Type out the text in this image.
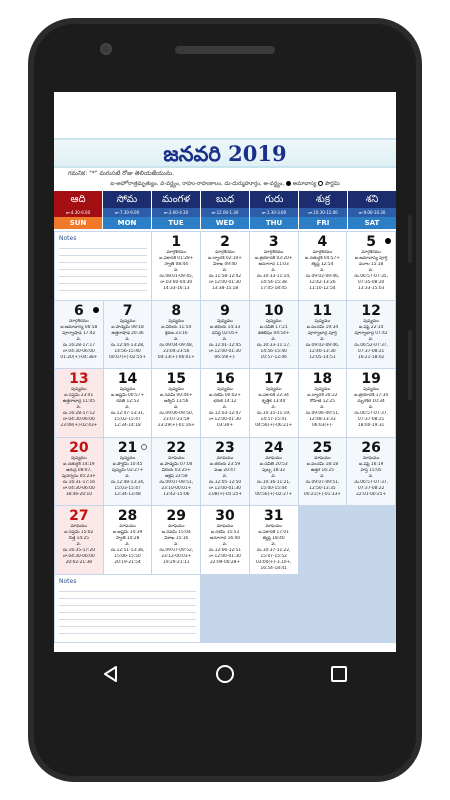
జనవరి 2019
గమనిక: "*" మరుసటి రోజు తెలియజేయును.
ఐ-అహోరాత్రమృత్యుం, వ-వర్జ్యం, రాహు-రాహుకాలం, దు-దుర్ముహూర్తం, అ-వర్జ్యం, అమావాస్య పౌర్ణమి
ఆది
రా.4.30-6.00
SUN
సోమ
రా.7.30-9.00
MON
మంగళ
రా.3.00-4.30
TUE
బుధ
రా.12.00-1.30
WED
గురు
రా.1.30-3.00
THU
శుక్ర
రా.10.30-12.00
FRI
శని
రా.9.00-10.30
SAT
Notes	1
మార్గశిరము
ఐ.ఏకాదశి 01:28+
స్వాతి 08:44
వ.
దు.08:01-09:45,
రా.03:00-04:30
14:33-16:13
2
మార్గశిరము
ఐ.ద్వాదశి 02:10+
విశాఖ 09:40
వ.
దు.11:58-12:42
రా.12:00-01:30
13:38-15:18
3
మార్గశిరము
ఐ.త్రయోదశి 03:20+
అనూరాధ 11:03
వ.
దు.10:33-11:14,
14:54-15:38
17:05-18:45
4
మార్గశిరము
ఐ.చతుర్దశి 04:57+
జ్యేష్ఠ 12:54
వ.
దు.09:02-09:46,
12:42-13:26
11:10-12:54
5
మార్గశిరము
ఐ.అమావాస్య పూర్తి
మూల 15:18
వ.
దు.06:57-07:35,
07:35-08:20
13:33-15:03
6
మార్గశిరము
ఐ.అమావాస్య 06:58
పూర్వాషాఢ 17:42
వ.
దు.16:28-17:17
రా.04:30-06:00
01:20(+)-04:38+
7
పుష్యము
ఐ.పాడ్యమి 09:18
ఉత్తరాషాఢ 20:36
వ.
దు.12:44-13:28,
14:56-15:40
00:07(+)-02:55+
8
పుష్యము
ఐ.విదియ 11:54
శ్రవణ 23:16
వ.
దు.09:04-09:48,
23:04-23:56
04:13(+)-06:01+
9
పుష్యము
ఐ.తదియ 14:33
ధనిష్ఠ 02:05+
వ.
దు.12:01-12:45
రా.12:00-01:30
06:59(+)-
10
పుష్యము
ఐ.చవితి 17:21
శతభిషం 04:54+
వ.
దు.10:33-11:17,
14:56-15:40
10:57-12:46
11
పుష్యము
ఐ.పంచమి 19:34
పూర్వాభాద్ర పూర్తి
వ.
దు.09:02-09:46,
12:40-13:30
12:05-14:51
12
పుష్యము
ఐ.షష్ఠి 22:14
పూర్వాభాద్ర 07:42
వ.
దు.06:52-07:37,
07:37-08:21
16:21-18:02
13
పుష్యము
ఐ.సప్తమి 23:41
ఉత్తరాభాద్ర 11:05
వ.
దు.16:28-17:12
రా.04:30-06:00
23:09(+)-02:43+
14
పుష్యము
ఐ.అష్టమి 00:57+
రేవతి 12:53
వ.
దు.12:47-13:31,
15:02-15:47
12:34-14:18
15
పుష్యము
ఐ.నవమి 00:44+
అశ్విని 13:56
వ.
దు.09:06-09:50,
23:07-23:59
23:29(+)-01:16+
16
పుష్యము
ఐ.దశమి 00:02+
భరణి 14:12
వ.
దు.12:03-12:47
రా.12:00-01:30
03:30+
17
పుష్యము
ఐ.ఏకాదశి 22:34
కృత్తిక 13:40
వ.
దు.10:35-11:19,
14:57-15:41
04:56(+)-06:21+
18
పుష్యము
ఐ.ద్వాదశి 20:22
రోహిణి 12:25
వ.
దు.09:06-09:51,
12:48-13:33
06:03(+)-
19
పుష్యము
ఐ.త్రయోదశి 17:34
మృగశిర 10:34
వ.
దు.06:57-07:37,
07:37-08:21
18:00-19:31
20
పుష్యము
ఐ.చతుర్దశి 14:19
ఆరుద్ర 08:07,
పునర్వసు 05:23+
దు.16:31-17:16
రా.04:30-06:00
18:46-20:10
21
పుష్యము
ఐ.పౌర్ణమి 10:45
పుష్యమి 02:27+
వ.
దు.12:48-13:34,
15:03-15:47
12:34-13:48
22
మాఘము
ఐ.పాడ్యమి 07:04
విదియ 03:25+
ఆశ్లేష 23:58
దు.09:07-09:51,
23:10-00:01+
13:42-15:06
23
మాఘము
ఐ.తదియ 23:59
మఖ 20:47
వ.
దు.12:05-12:50
రా.12:00-01:30
3.08(+)-05:25+
24
మాఘము
ఐ.చవితి 20:53
పుబ్బ 18:32
వ.
దు.10:36-11:21,
15:00-15:44
00:56(+)-02:27+
25
మాఘము
ఐ.పంచమి 18:18
ఉత్తర 16:25
వ.
దు.09:07-09:51,
12:50-13:35
00:21(+)-01:33+
26
మాఘము
ఐ.షష్ఠి 16:19
హస్త 15:05
వ.
దు.06:57-07:37,
07:37-08:22
22:01-00:25+
27
మాఘము
ఐ.సప్తమి 15:02
చిత్త 14:25
వ.
దు.16:35-17:20
రా.04:30-06:00
20:02-21:38
28
మాఘము
ఐ.అష్టమి 14:39
స్వాతి 14:28
వ.
దు.12:51-13:36,
15:06-15:50
20:19-21:54
29
మాఘము
ఐ.నవమి 15:04
విశాఖ 15:16
వ.
దు.09:07-09:52,
23:12-00:03+
19:29-21:11
30
మాఘము
ఐ.దశమి 15:53
అనూరాధ 16:40
వ.
దు.12:06-12:51
రా.12:00-01:30
22:09-00:28+
31
మాఘము
ఐ.ఏకాదశి 17:01
జ్యేష్ఠ 18:40
వ.
దు.10:37-11:22,
15:07-15:52
03:00(+)-3.10+,
16:54-18:41
Notes
